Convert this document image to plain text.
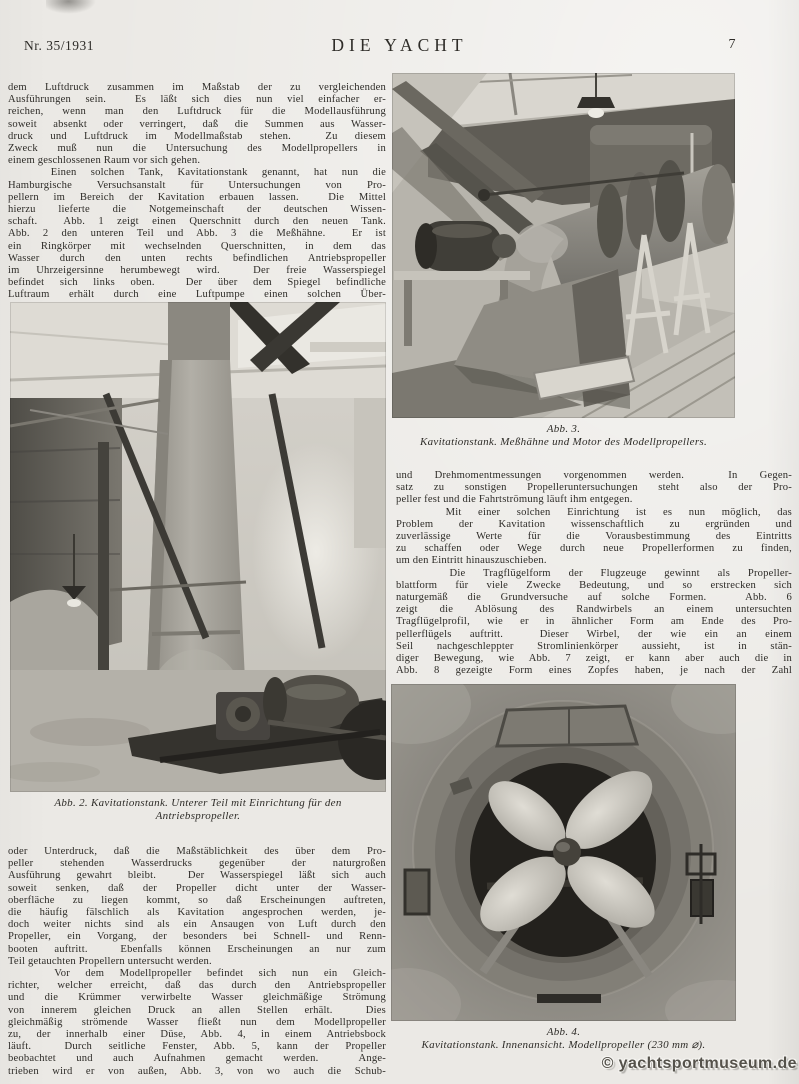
Nr. 35/1931	DIE YACHT	7
dem Luftdruck zusammen im Maßstab der zu vergleichenden
Ausführungen sein.  Es läßt sich dies nun viel einfacher er-
reichen, wenn man den Luftdruck für die Modellausführung
soweit absenkt oder verringert, daß die Summen aus Wasser-
druck und Luftdruck im Modellmaßstab stehen.  Zu diesem
Zweck muß nun die Untersuchung des Modellpropellers in
einem geschlossenen Raum vor sich gehen.
Einen solchen Tank, Kavitationstank genannt, hat nun die
Hamburgische Versuchsanstalt für Untersuchungen von Pro-
pellern im Bereich der Kavitation erbauen lassen.  Die Mittel
hierzu lieferte die Notgemeinschaft der deutschen Wissen-
schaft.  Abb. 1 zeigt einen Querschnitt durch den neuen Tank.
Abb. 2 den unteren Teil und Abb. 3 die Meßhähne.  Er ist
ein Ringkörper mit wechselnden Querschnitten, in dem das
Wasser durch den unten rechts befindlichen Antriebspropeller
im Uhrzeigersinne herumbewegt wird.  Der freie Wasserspiegel
befindet sich links oben.  Der über dem Spiegel befindliche
Luftraum erhält durch eine Luftpumpe einen solchen Über-
Abb. 2. Kavitationstank. Unterer Teil mit Einrichtung für den
Antriebspropeller.
oder Unterdruck, daß die Maßstäblichkeit des über dem Pro-
peller stehenden Wasserdrucks gegenüber der naturgroßen
Ausführung gewahrt bleibt.  Der Wasserspiegel läßt sich auch
soweit senken, daß der Propeller dicht unter der Wasser-
oberfläche zu liegen kommt, so daß Erscheinungen auftreten,
die häufig fälschlich als Kavitation angesprochen werden, je-
doch weiter nichts sind als ein Ansaugen von Luft durch den
Propeller, ein Vorgang, der besonders bei Schnell- und Renn-
booten auftritt.  Ebenfalls können Erscheinungen an nur zum
Teil getauchten Propellern untersucht werden.
Vor dem Modellpropeller befindet sich nun ein Gleich-
richter, welcher erreicht, daß das durch den Antriebspropeller
und die Krümmer verwirbelte Wasser gleichmäßige Strömung
von innerem gleichen Druck an allen Stellen erhält.  Dies
gleichmäßig strömende Wasser fließt nun dem Modellpropeller
zu, der innerhalb einer Düse, Abb. 4, in einem Antriebsbock
läuft.  Durch seitliche Fenster, Abb. 5, kann der Propeller
beobachtet und auch Aufnahmen gemacht werden.  Ange-
trieben wird er von außen, Abb. 3, von wo auch die Schub-
Abb. 3.
Kavitationstank. Meßhähne und Motor des Modellpropellers.
und Drehmomentmessungen vorgenommen werden.  In Gegen-
satz zu sonstigen Propelleruntersuchungen steht also der Pro-
peller fest und die Fahrtströmung läuft ihm entgegen.
Mit einer solchen Einrichtung ist es nun möglich, das
Problem der Kavitation wissenschaftlich zu ergründen und
zuverlässige Werte für die Vorausbestimmung des Eintritts
zu schaffen oder Wege durch neue Propellerformen zu finden,
um den Eintritt hinauszuschieben.
Die Tragflügelform der Flugzeuge gewinnt als Propeller-
blattform für viele Zwecke Bedeutung, und so erstrecken sich
naturgemäß die Grundversuche auf solche Formen.  Abb. 6
zeigt die Ablösung des Randwirbels an einem untersuchten
Tragflügelprofil, wie er in ähnlicher Form am Ende des Pro-
pellerflügels auftritt.  Dieser Wirbel, der wie ein an einem
Seil nachgeschleppter Stromlinienkörper aussieht, ist in stän-
diger Bewegung, wie Abb. 7 zeigt, er kann aber auch die in
Abb. 8 gezeigte Form eines Zopfes haben, je nach der Zahl
Abb. 4.
Kavitationstank. Innenansicht. Modellpropeller (230 mm ⌀).
© yachtsportmuseum.de
